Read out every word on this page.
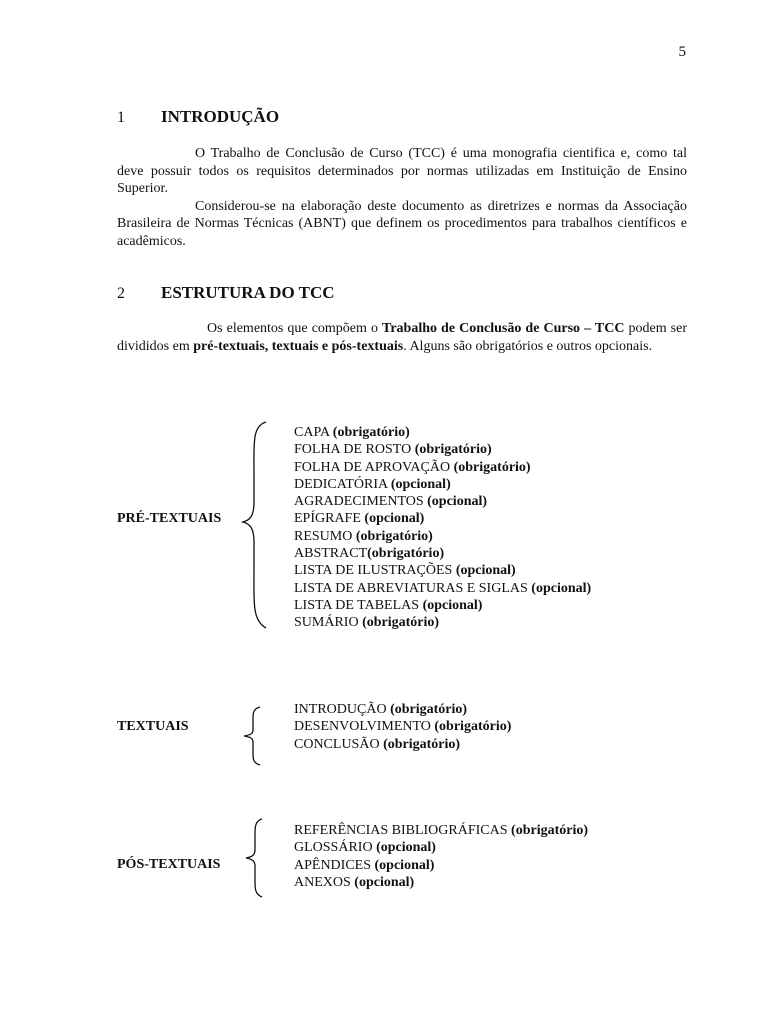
5
1 INTRODUÇÃO

O Trabalho de Conclusão de Curso (TCC) é uma monografia cientifica e, como tal deve possuir todos os requisitos determinados por normas utilizadas em Instituição de Ensino Superior.

Considerou-se na elaboração deste documento as diretrizes e normas da Associação Brasileira de Normas Técnicas (ABNT) que definem os procedimentos para trabalhos científicos e acadêmicos.

2 ESTRUTURA DO TCC

Os elementos que compõem o Trabalho de Conclusão de Curso – TCC podem ser divididos em pré-textuais, textuais e pós-textuais. Alguns são obrigatórios e outros opcionais.

PRÉ-TEXTUAIS
CAPA (obrigatório)
FOLHA DE ROSTO (obrigatório)
FOLHA DE APROVAÇÃO (obrigatório)
DEDICATÓRIA (opcional)
AGRADECIMENTOS (opcional)
EPÍGRAFE (opcional)
RESUMO (obrigatório)
ABSTRACT(obrigatório)
LISTA DE ILUSTRAÇÕES (opcional)
LISTA DE ABREVIATURAS E SIGLAS (opcional)
LISTA DE TABELAS (opcional)
SUMÁRIO (obrigatório)
TEXTUAIS
INTRODUÇÃO (obrigatório)
DESENVOLVIMENTO (obrigatório)
CONCLUSÃO (obrigatório)
PÓS-TEXTUAIS
REFERÊNCIAS BIBLIOGRÁFICAS (obrigatório)
GLOSSÁRIO (opcional)
APÊNDICES (opcional)
ANEXOS (opcional)
